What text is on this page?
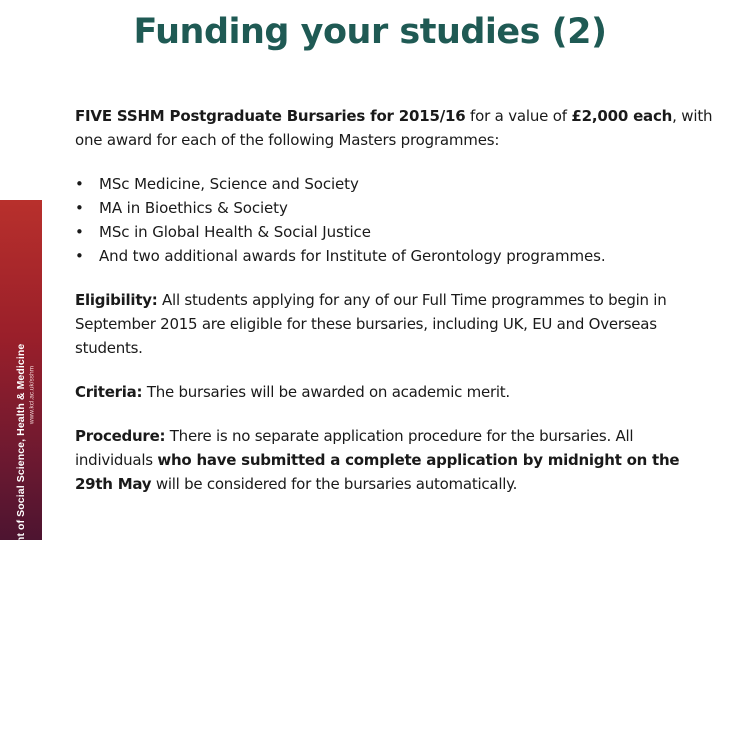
Department of Social Science, Health & Medicine www.kcl.ac.uk/sshm
KING'S College LONDON
Funding your studies (2)

FIVE SSHM Postgraduate Bursaries for 2015/16 for a value of £2,000 each, with one award for each of the following Masters programmes:

• MSc Medicine, Science and Society
• MA in Bioethics & Society
• MSc in Global Health & Social Justice
• And two additional awards for Institute of Gerontology programmes.

Eligibility: All students applying for any of our Full Time programmes to begin in September 2015 are eligible for these bursaries, including UK, EU and Overseas students.

Criteria: The bursaries will be awarded on academic merit.

Procedure: There is no separate application procedure for the bursaries. All individuals who have submitted a complete application by midnight on the 29th May will be considered for the bursaries automatically.
